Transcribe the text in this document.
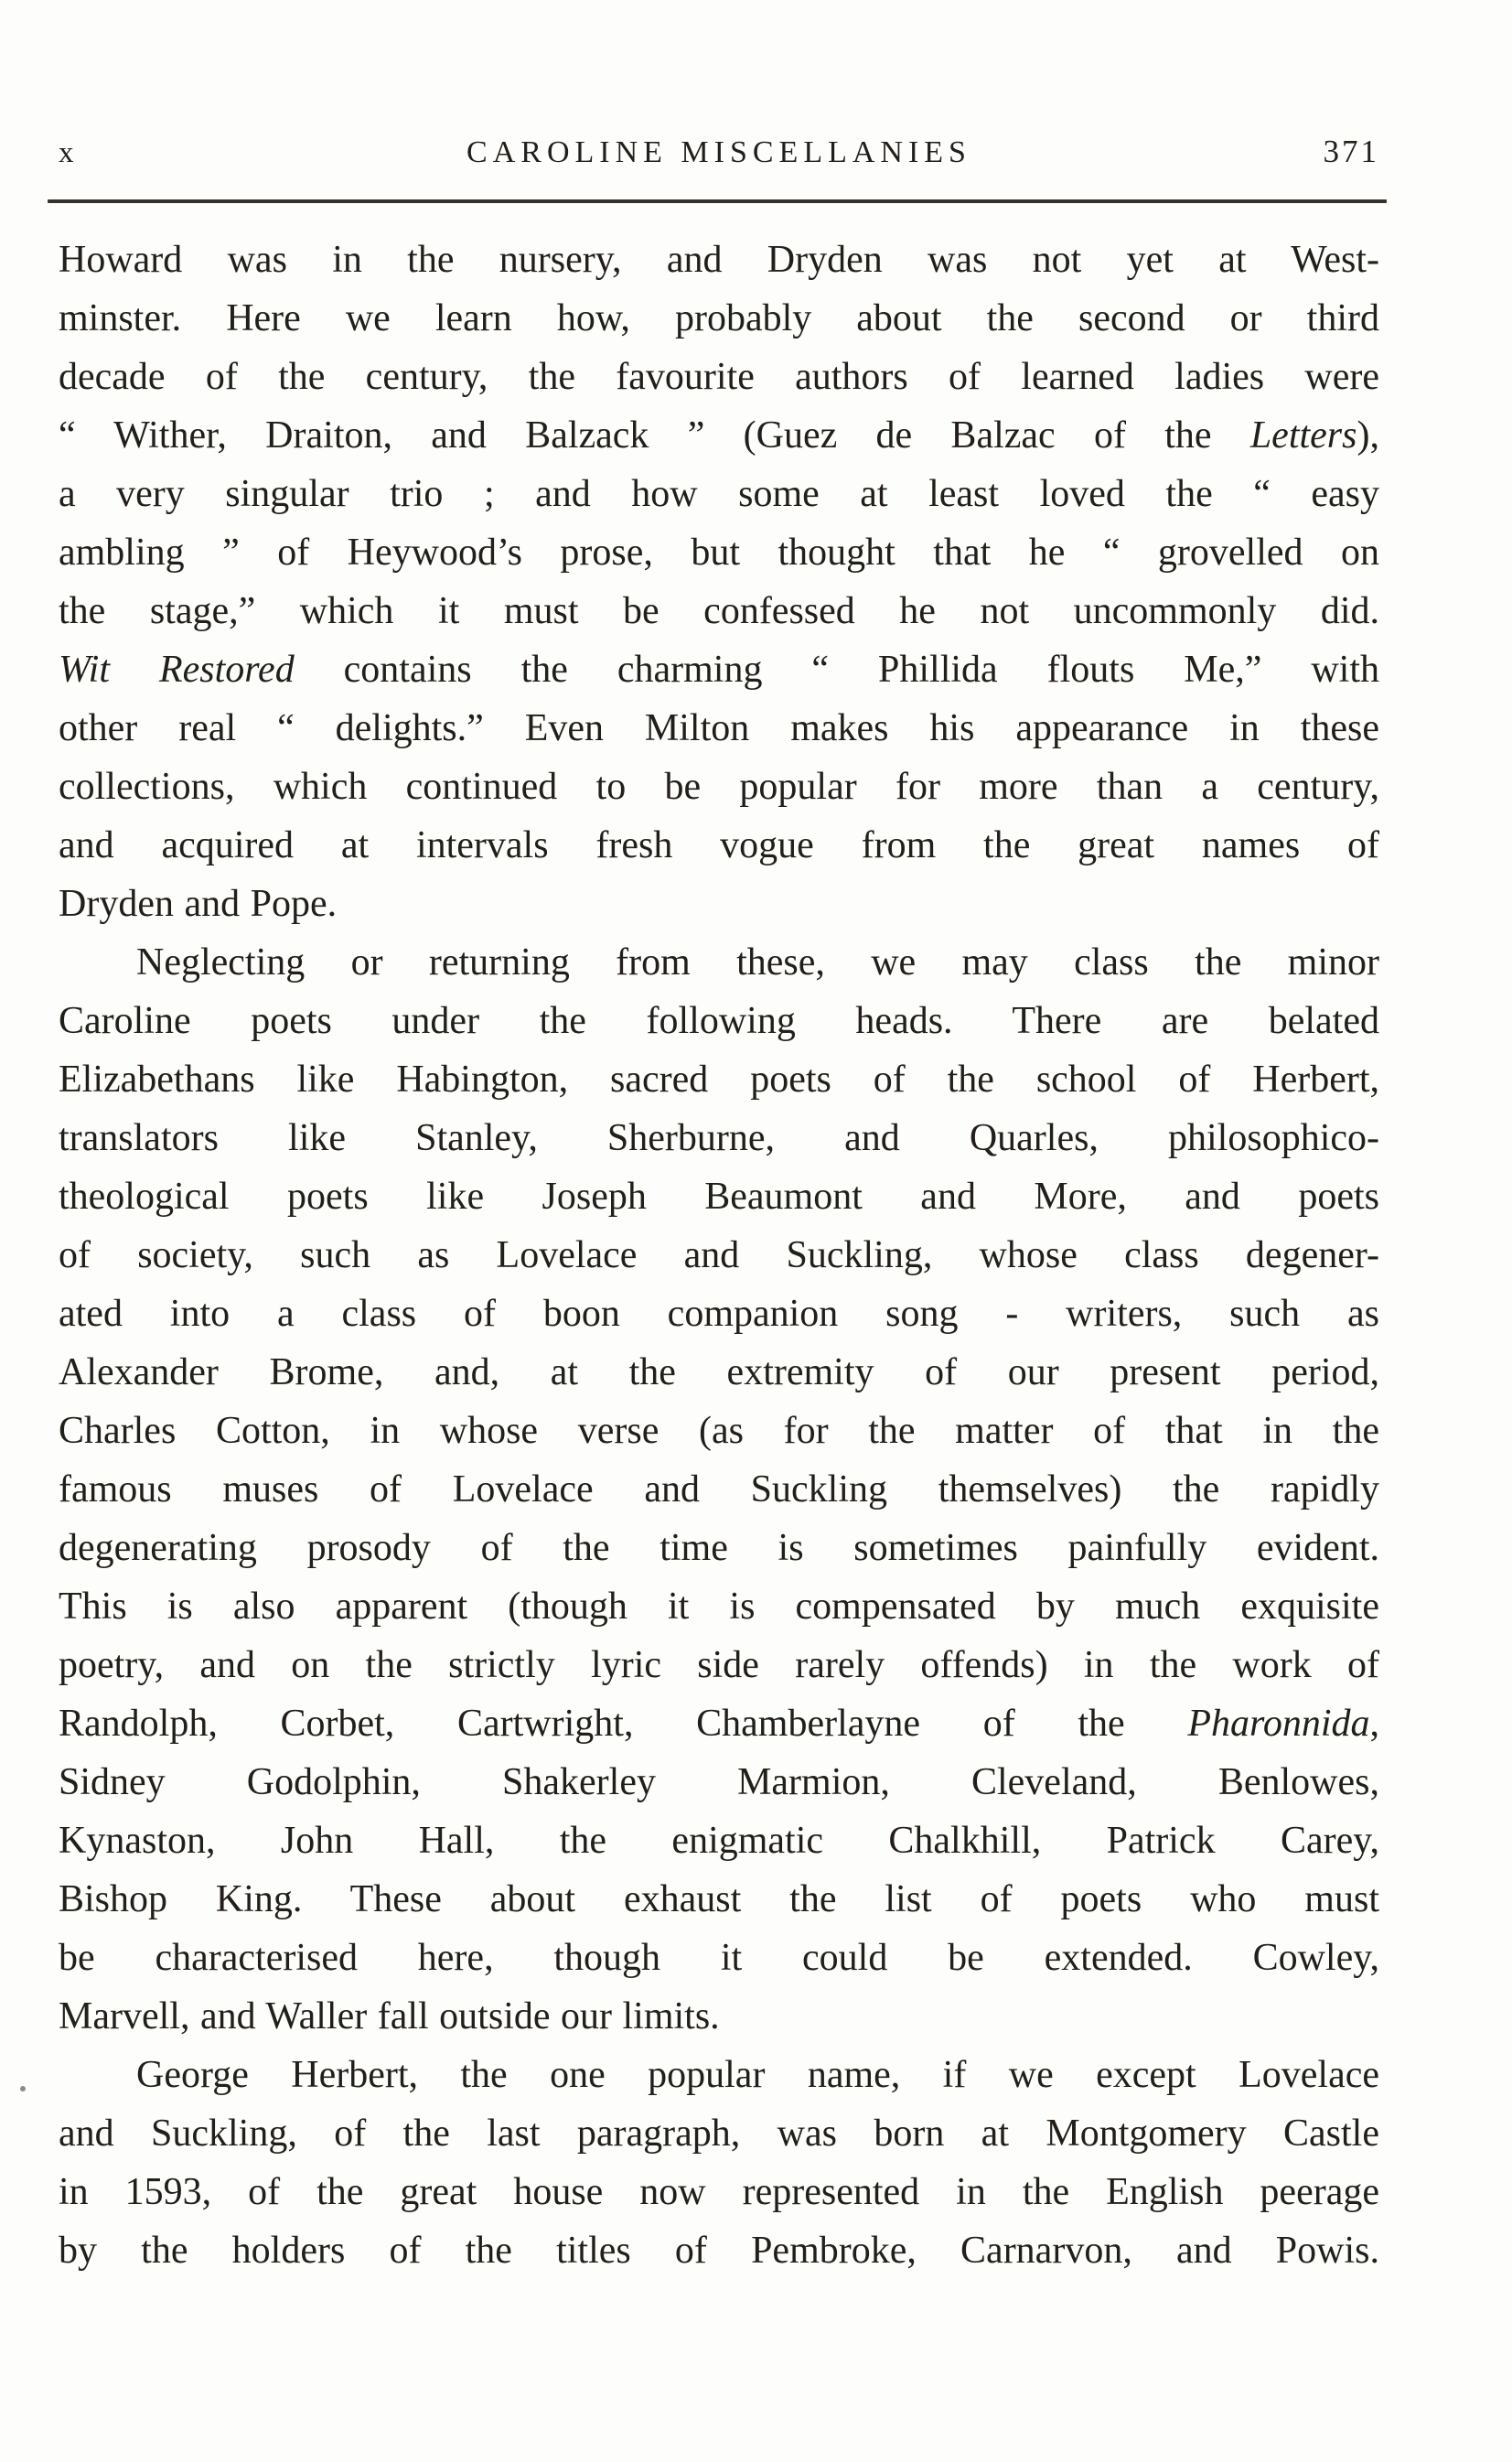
x	CAROLINE MISCELLANIES	371
Howard was in the nursery, and Dryden was not yet at West-
minster. Here we learn how, probably about the second or third
decade of the century, the favourite authors of learned ladies were
“ Wither, Draiton, and Balzack ” (Guez de Balzac of the Letters),
a very singular trio ; and how some at least loved the “ easy
ambling ” of Heywood’s prose, but thought that he “ grovelled on
the stage,” which it must be confessed he not uncommonly did.
Wit Restored contains the charming “ Phillida flouts Me,” with
other real “ delights.” Even Milton makes his appearance in these
collections, which continued to be popular for more than a century,
and acquired at intervals fresh vogue from the great names of
Dryden and Pope.
Neglecting or returning from these, we may class the minor
Caroline poets under the following heads. There are belated
Elizabethans like Habington, sacred poets of the school of Herbert,
translators like Stanley, Sherburne, and Quarles, philosophico-
theological poets like Joseph Beaumont and More, and poets
of society, such as Lovelace and Suckling, whose class degener-
ated into a class of boon companion song - writers, such as
Alexander Brome, and, at the extremity of our present period,
Charles Cotton, in whose verse (as for the matter of that in the
famous muses of Lovelace and Suckling themselves) the rapidly
degenerating prosody of the time is sometimes painfully evident.
This is also apparent (though it is compensated by much exquisite
poetry, and on the strictly lyric side rarely offends) in the work of
Randolph, Corbet, Cartwright, Chamberlayne of the Pharonnida,
Sidney Godolphin, Shakerley Marmion, Cleveland, Benlowes,
Kynaston, John Hall, the enigmatic Chalkhill, Patrick Carey,
Bishop King. These about exhaust the list of poets who must
be characterised here, though it could be extended. Cowley,
Marvell, and Waller fall outside our limits.
George Herbert, the one popular name, if we except Lovelace
and Suckling, of the last paragraph, was born at Montgomery Castle
in 1593, of the great house now represented in the English peerage
by the holders of the titles of Pembroke, Carnarvon, and Powis.
